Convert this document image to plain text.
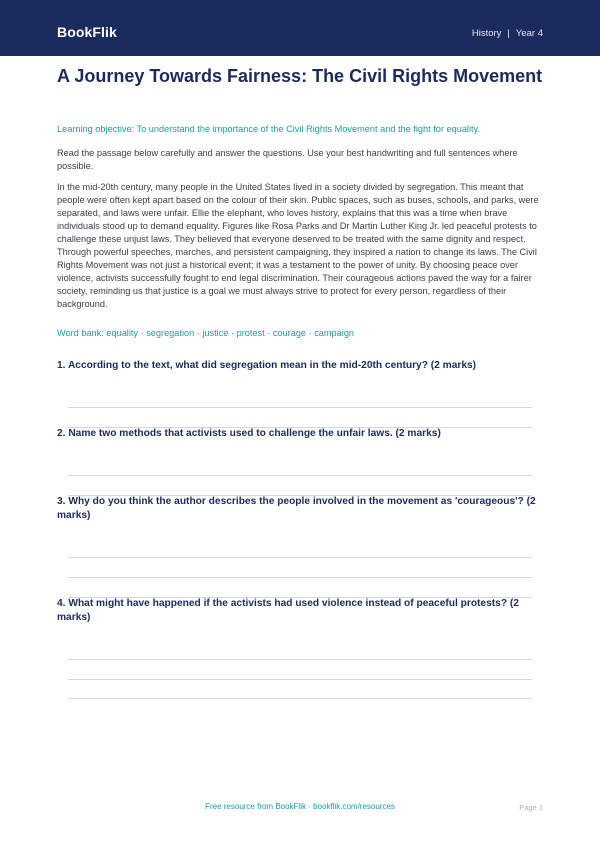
BookFlik	History | Year 4
A Journey Towards Fairness: The Civil Rights Movement
Learning objective: To understand the importance of the Civil Rights Movement and the fight for equality.
Read the passage below carefully and answer the questions. Use your best handwriting and full sentences where possible.
In the mid-20th century, many people in the United States lived in a society divided by segregation. This meant that people were often kept apart based on the colour of their skin. Public spaces, such as buses, schools, and parks, were separated, and laws were unfair. Ellie the elephant, who loves history, explains that this was a time when brave individuals stood up to demand equality. Figures like Rosa Parks and Dr Martin Luther King Jr. led peaceful protests to challenge these unjust laws. They believed that everyone deserved to be treated with the same dignity and respect. Through powerful speeches, marches, and persistent campaigning, they inspired a nation to change its laws. The Civil Rights Movement was not just a historical event; it was a testament to the power of unity. By choosing peace over violence, activists successfully fought to end legal discrimination. Their courageous actions paved the way for a fairer society, reminding us that justice is a goal we must always strive to protect for every person, regardless of their background.
Word bank: equality · segregation · justice · protest · courage · campaign
1. According to the text, what did segregation mean in the mid-20th century? (2 marks)
2. Name two methods that activists used to challenge the unfair laws. (2 marks)
3. Why do you think the author describes the people involved in the movement as 'courageous'? (2 marks)
4. What might have happened if the activists had used violence instead of peaceful protests? (2 marks)
Free resource from BookFlik · bookflik.com/resources	Page 1
